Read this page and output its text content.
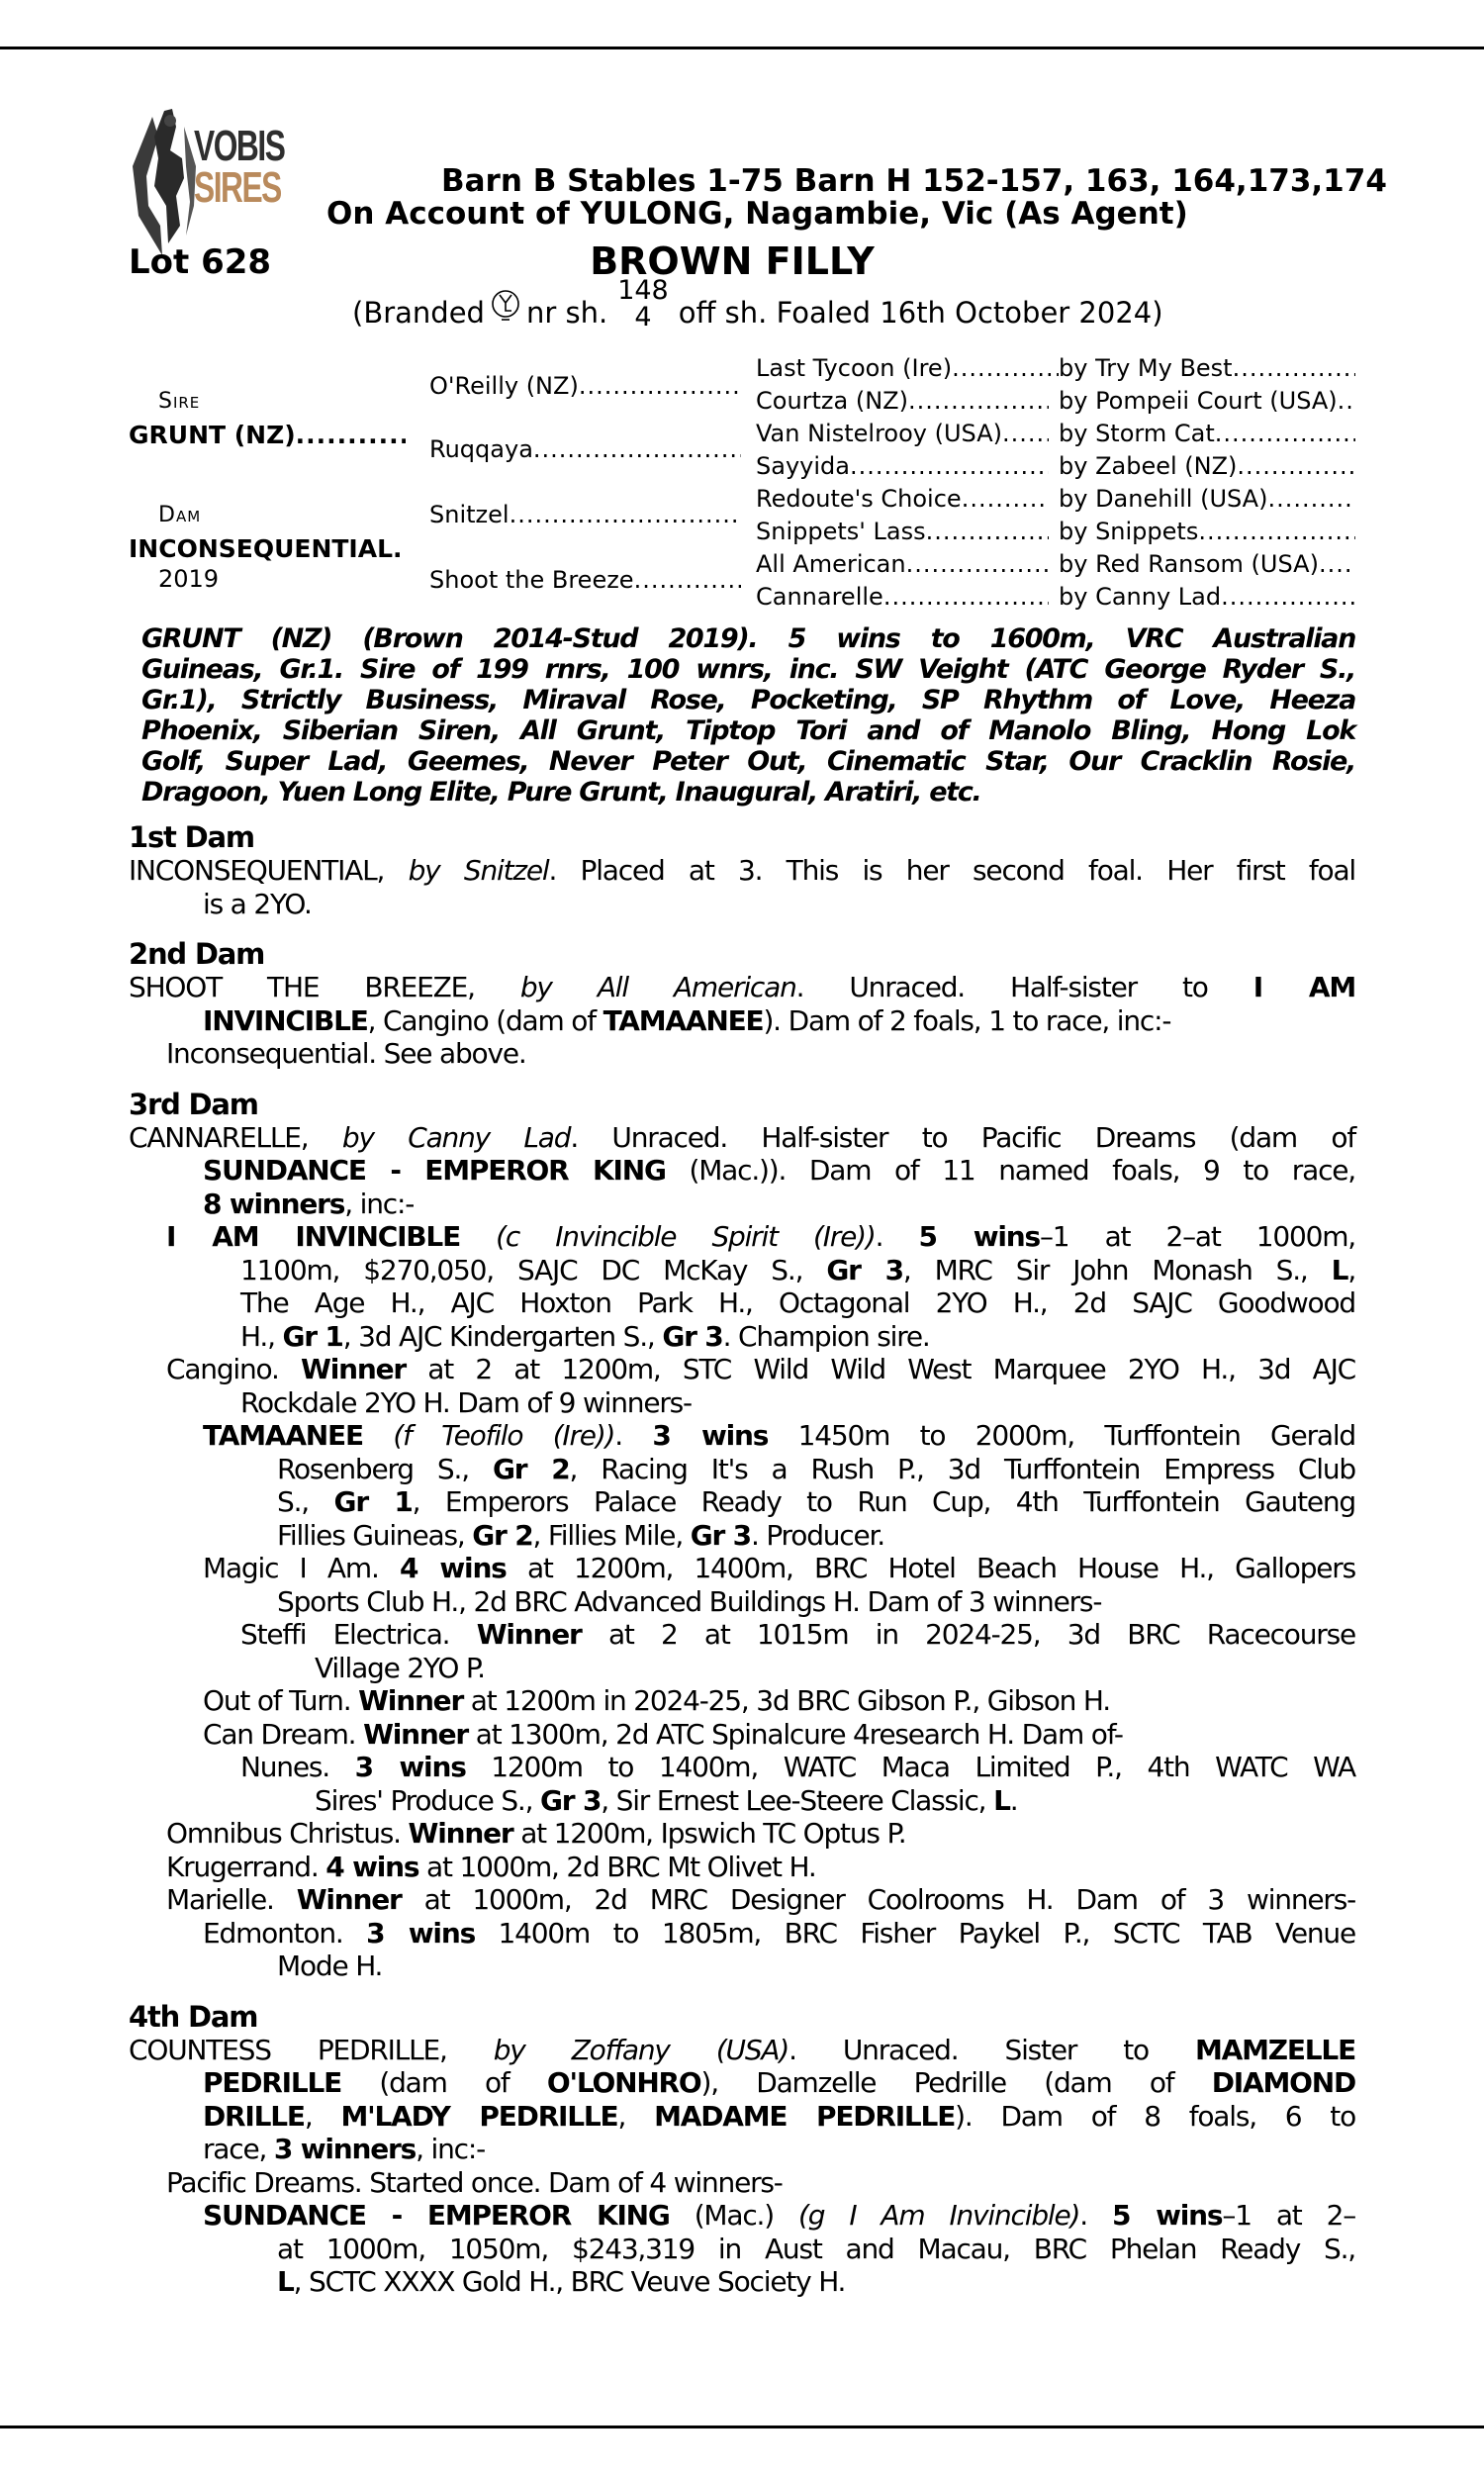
VOBIS
SIRES	Barn B Stables 1-75 Barn H 152-157, 163, 164,173,174
On Account of YULONG, Nagambie, Vic (As Agent)
Lot 628	BROWN FILLY
(Branded nr sh.
148
4 off sh. Foaled 16th October 2024)
Sire
GRUNT (NZ)
.....
Dam
INCONSEQUENTIAL
.....
2019
O'Reilly (NZ)
.....
Ruqqaya
.....
Snitzel
.....
Shoot the Breeze
.....
Last Tycoon (Ire)
.....
Courtza (NZ)
.....
Van Nistelrooy (USA)
.....
Sayyida
.....
Redoute's Choice
.....
Snippets' Lass
.....
All American
.....
Cannarelle
.....
by Try My Best
.....
by Pompeii Court (USA)
.....
by Storm Cat
.....
by Zabeel (NZ)
.....
by Danehill (USA)
.....
by Snippets
.....
by Red Ransom (USA)
.....
by Canny Lad
.....
GRUNT (NZ) (Brown 2014-Stud 2019). 5 wins to 1600m, VRC Australian
Guineas, Gr.1. Sire of 199 rnrs, 100 wnrs, inc. SW Veight (ATC George Ryder S.,
Gr.1), Strictly Business, Miraval Rose, Pocketing, SP Rhythm of Love, Heeza
Phoenix, Siberian Siren, All Grunt, Tiptop Tori and of Manolo Bling, Hong Lok
Golf, Super Lad, Geemes, Never Peter Out, Cinematic Star, Our Cracklin Rosie,
Dragoon, Yuen Long Elite, Pure Grunt, Inaugural, Aratiri, etc.
1st Dam
INCONSEQUENTIAL, by Snitzel. Placed at 3. This is her second foal. Her first foal
is a 2YO.
2nd Dam
SHOOT THE BREEZE, by All American. Unraced. Half-sister to I AM
INVINCIBLE, Cangino (dam of TAMAANEE). Dam of 2 foals, 1 to race, inc:-
Inconsequential. See above.
3rd Dam
CANNARELLE, by Canny Lad. Unraced. Half-sister to Pacific Dreams (dam of
SUNDANCE - EMPEROR KING (Mac.)). Dam of 11 named foals, 9 to race,
8 winners, inc:-
I AM INVINCIBLE (c Invincible Spirit (Ire)). 5 wins–1 at 2–at 1000m,
1100m, $270,050, SAJC DC McKay S., Gr 3, MRC Sir John Monash S., L,
The Age H., AJC Hoxton Park H., Octagonal 2YO H., 2d SAJC Goodwood
H., Gr 1, 3d AJC Kindergarten S., Gr 3. Champion sire.
Cangino. Winner at 2 at 1200m, STC Wild Wild West Marquee 2YO H., 3d AJC
Rockdale 2YO H. Dam of 9 winners-
TAMAANEE (f Teofilo (Ire)). 3 wins 1450m to 2000m, Turffontein Gerald
Rosenberg S., Gr 2, Racing It's a Rush P., 3d Turffontein Empress Club
S., Gr 1, Emperors Palace Ready to Run Cup, 4th Turffontein Gauteng
Fillies Guineas, Gr 2, Fillies Mile, Gr 3. Producer.
Magic I Am. 4 wins at 1200m, 1400m, BRC Hotel Beach House H., Gallopers
Sports Club H., 2d BRC Advanced Buildings H. Dam of 3 winners-
Steffi Electrica. Winner at 2 at 1015m in 2024-25, 3d BRC Racecourse
Village 2YO P.
Out of Turn. Winner at 1200m in 2024-25, 3d BRC Gibson P., Gibson H.
Can Dream. Winner at 1300m, 2d ATC Spinalcure 4research H. Dam of-
Nunes. 3 wins 1200m to 1400m, WATC Maca Limited P., 4th WATC WA
Sires' Produce S., Gr 3, Sir Ernest Lee-Steere Classic, L.
Omnibus Christus. Winner at 1200m, Ipswich TC Optus P.
Krugerrand. 4 wins at 1000m, 2d BRC Mt Olivet H.
Marielle. Winner at 1000m, 2d MRC Designer Coolrooms H. Dam of 3 winners-
Edmonton. 3 wins 1400m to 1805m, BRC Fisher Paykel P., SCTC TAB Venue
Mode H.
4th Dam
COUNTESS PEDRILLE, by Zoffany (USA). Unraced. Sister to MAMZELLE
PEDRILLE (dam of O'LONHRO), Damzelle Pedrille (dam of DIAMOND
DRILLE, M'LADY PEDRILLE, MADAME PEDRILLE). Dam of 8 foals, 6 to
race, 3 winners, inc:-
Pacific Dreams. Started once. Dam of 4 winners-
SUNDANCE - EMPEROR KING (Mac.) (g I Am Invincible). 5 wins–1 at 2–
at 1000m, 1050m, $243,319 in Aust and Macau, BRC Phelan Ready S.,
L, SCTC XXXX Gold H., BRC Veuve Society H.
